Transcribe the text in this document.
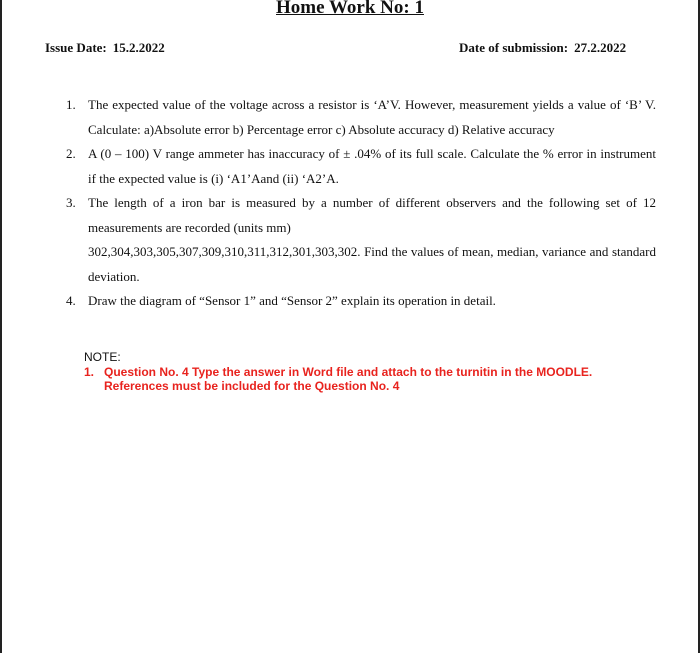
Home Work No: 1
Issue Date: 15.2.2022	Date of submission: 27.2.2022
1. The expected value of the voltage across a resistor is ‘A’V. However, measurement yields a value of ‘B’ V. Calculate: a)Absolute error b) Percentage error c) Absolute accuracy d) Relative accuracy
2. A (0 – 100) V range ammeter has inaccuracy of ± .04% of its full scale. Calculate the % error in instrument if the expected value is (i) ‘A1’Aand (ii) ‘A2’A.
3. The length of a iron bar is measured by a number of different observers and the following set of 12 measurements are recorded (units mm)
302,304,303,305,307,309,310,311,312,301,303,302. Find the values of mean, median, variance and standard deviation.
4. Draw the diagram of “Sensor 1” and “Sensor 2” explain its operation in detail.
NOTE:
1. Question No. 4 Type the answer in Word file and attach to the turnitin in the MOODLE.
References must be included for the Question No. 4
